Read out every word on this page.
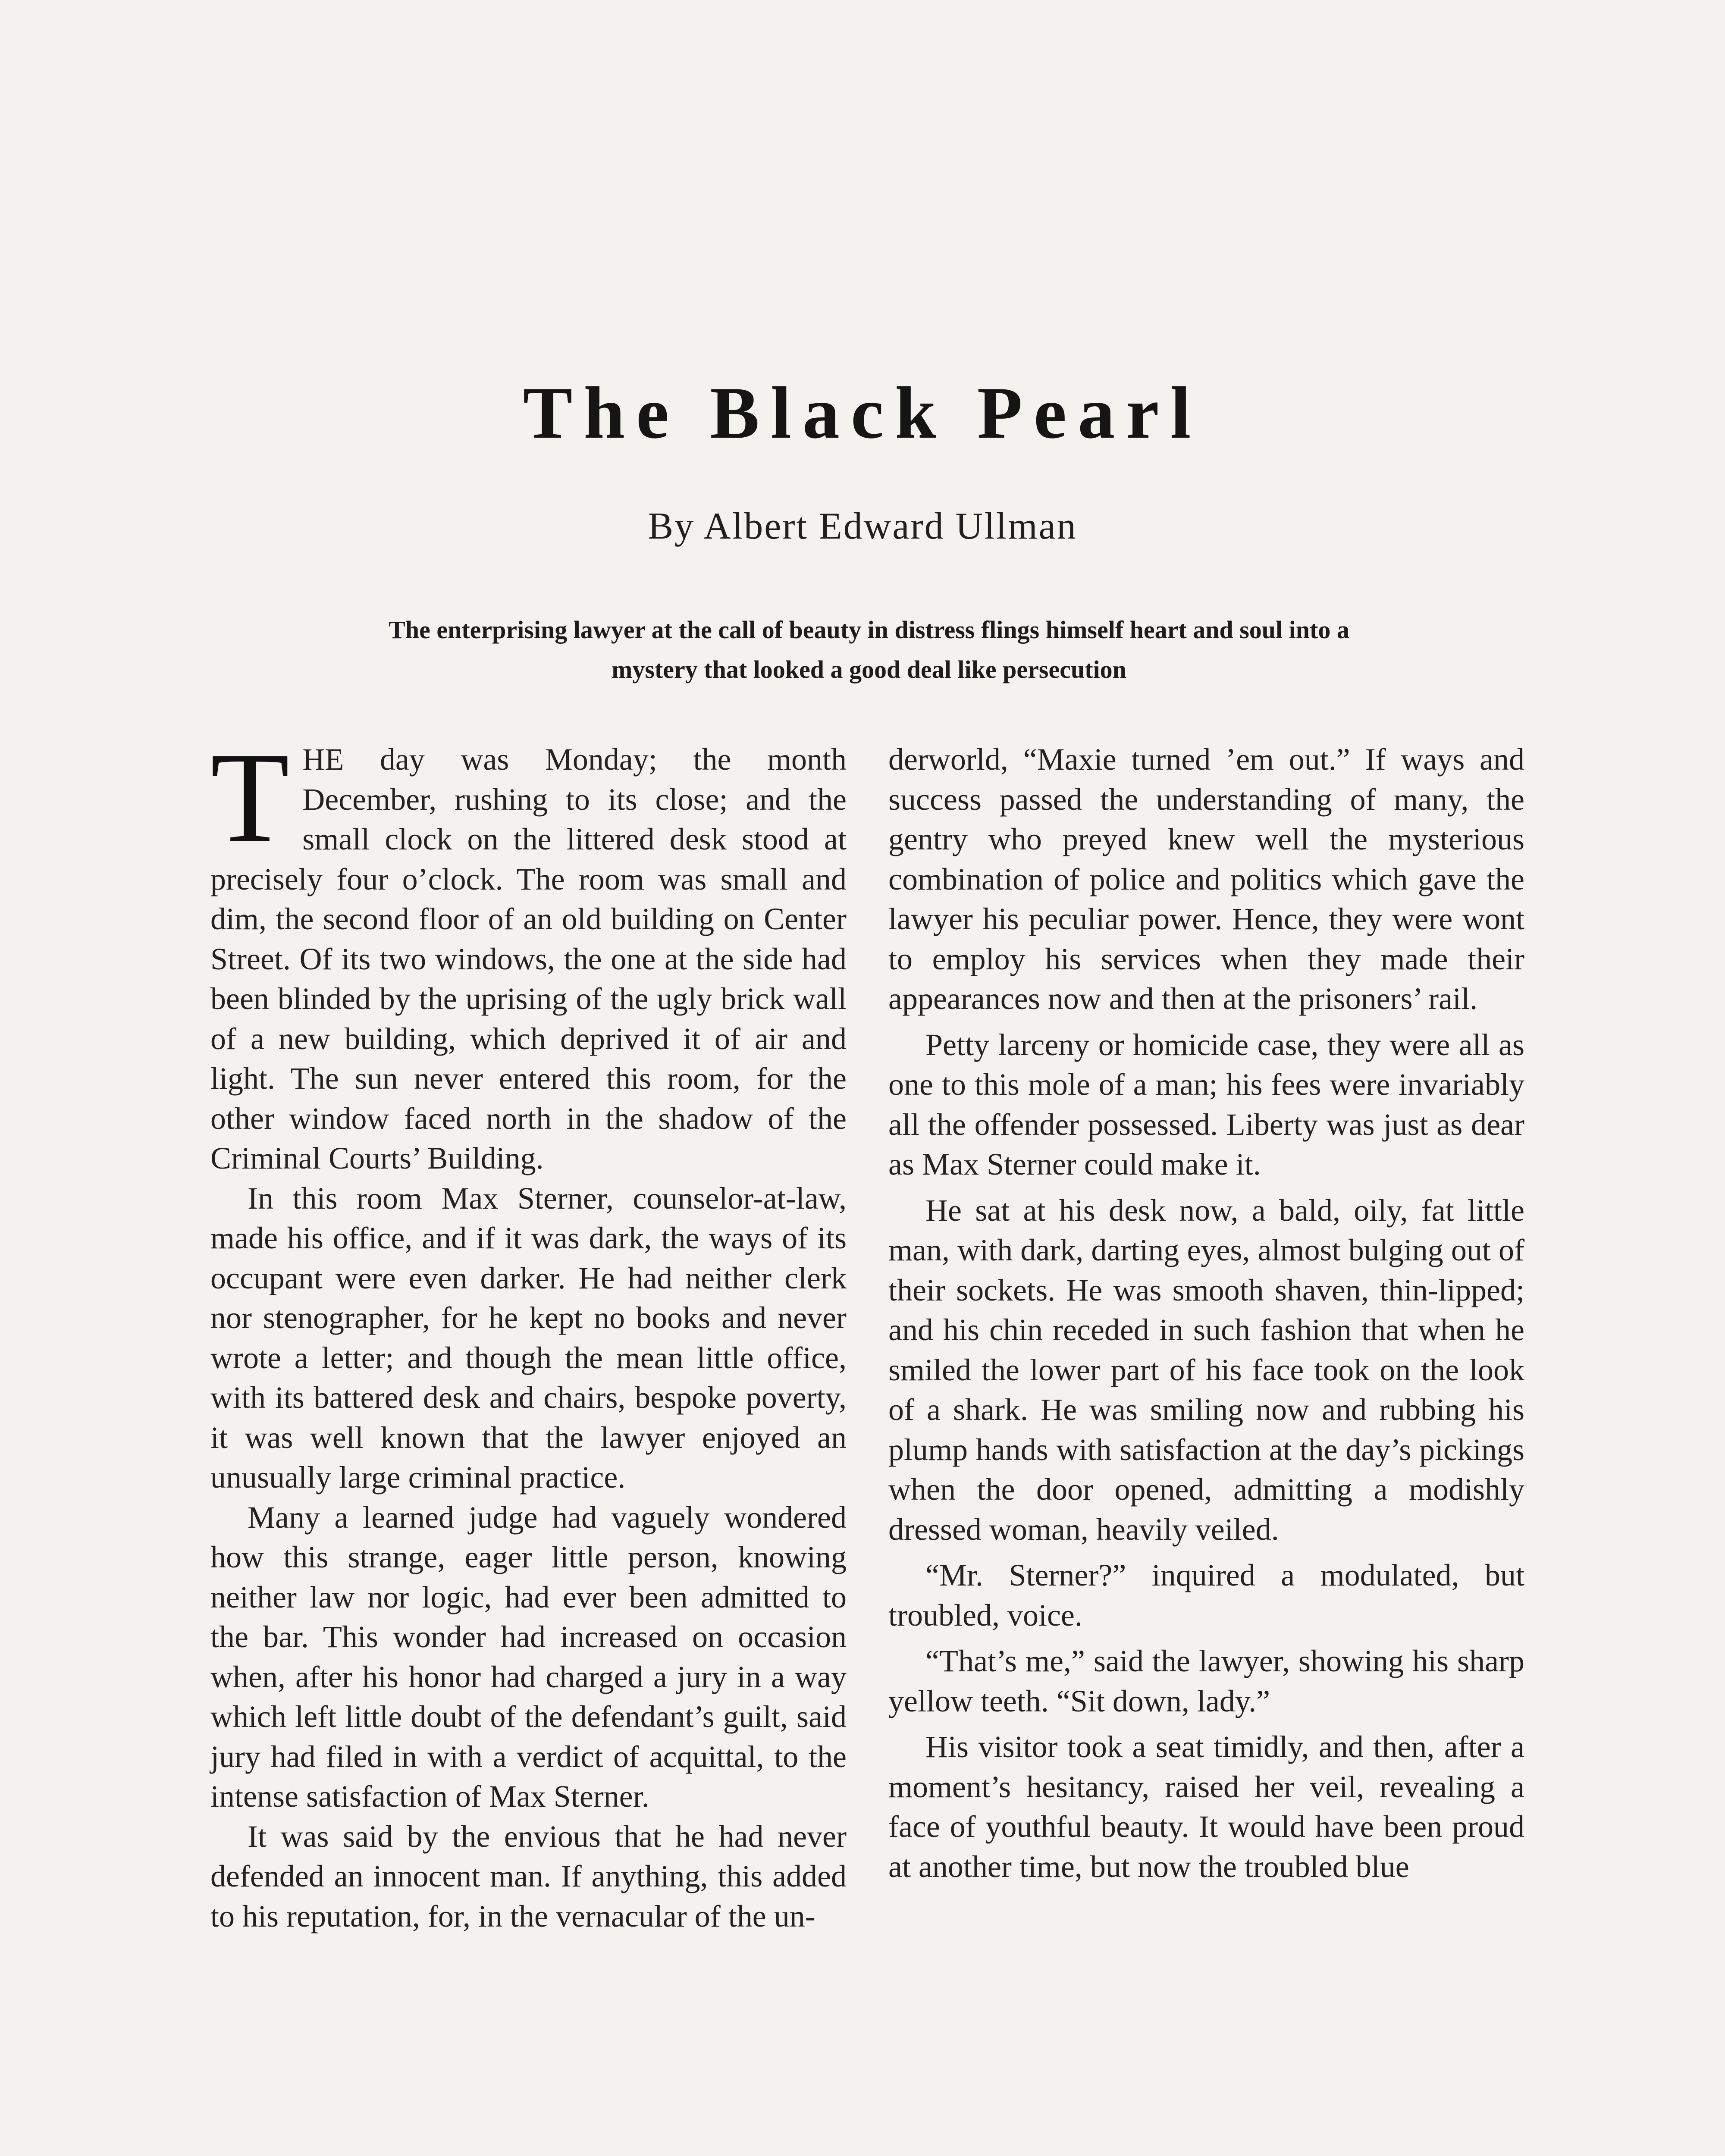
The Black Pearl
By Albert Edward Ullman
The enterprising lawyer at the call of beauty in distress flings himself heart and soul into a mystery that looked a good deal like persecution

THE day was Monday; the month December, rushing to its close; and the small clock on the littered desk stood at precisely four o’clock. The room was small and dim, the second floor of an old building on Center Street. Of its two windows, the one at the side had been blinded by the uprising of the ugly brick wall of a new building, which deprived it of air and light. The sun never entered this room, for the other window faced north in the shadow of the Criminal Courts’ Building.

In this room Max Sterner, counselor-at-law, made his office, and if it was dark, the ways of its occupant were even darker. He had neither clerk nor stenographer, for he kept no books and never wrote a letter; and though the mean little office, with its battered desk and chairs, bespoke poverty, it was well known that the lawyer enjoyed an unusually large criminal practice.

Many a learned judge had vaguely wondered how this strange, eager little person, knowing neither law nor logic, had ever been admitted to the bar. This wonder had increased on occasion when, after his honor had charged a jury in a way which left little doubt of the defendant’s guilt, said jury had filed in with a verdict of acquittal, to the intense satisfaction of Max Sterner.

It was said by the envious that he had never defended an innocent man. If anything, this added to his reputation, for, in the vernacular of the un-

derworld, “Maxie turned ’em out.” If ways and success passed the understanding of many, the gentry who preyed knew well the mysterious combination of police and politics which gave the lawyer his peculiar power. Hence, they were wont to employ his services when they made their appearances now and then at the prisoners’ rail.

Petty larceny or homicide case, they were all as one to this mole of a man; his fees were invariably all the offender possessed. Liberty was just as dear as Max Sterner could make it.

He sat at his desk now, a bald, oily, fat little man, with dark, darting eyes, almost bulging out of their sockets. He was smooth shaven, thin-lipped; and his chin receded in such fashion that when he smiled the lower part of his face took on the look of a shark. He was smiling now and rubbing his plump hands with satisfaction at the day’s pickings when the door opened, admitting a modishly dressed woman, heavily veiled.

“Mr. Sterner?” inquired a modulated, but troubled, voice.

“That’s me,” said the lawyer, showing his sharp yellow teeth. “Sit down, lady.”

His visitor took a seat timidly, and then, after a moment’s hesitancy, raised her veil, revealing a face of youthful beauty. It would have been proud at another time, but now the troubled blue
